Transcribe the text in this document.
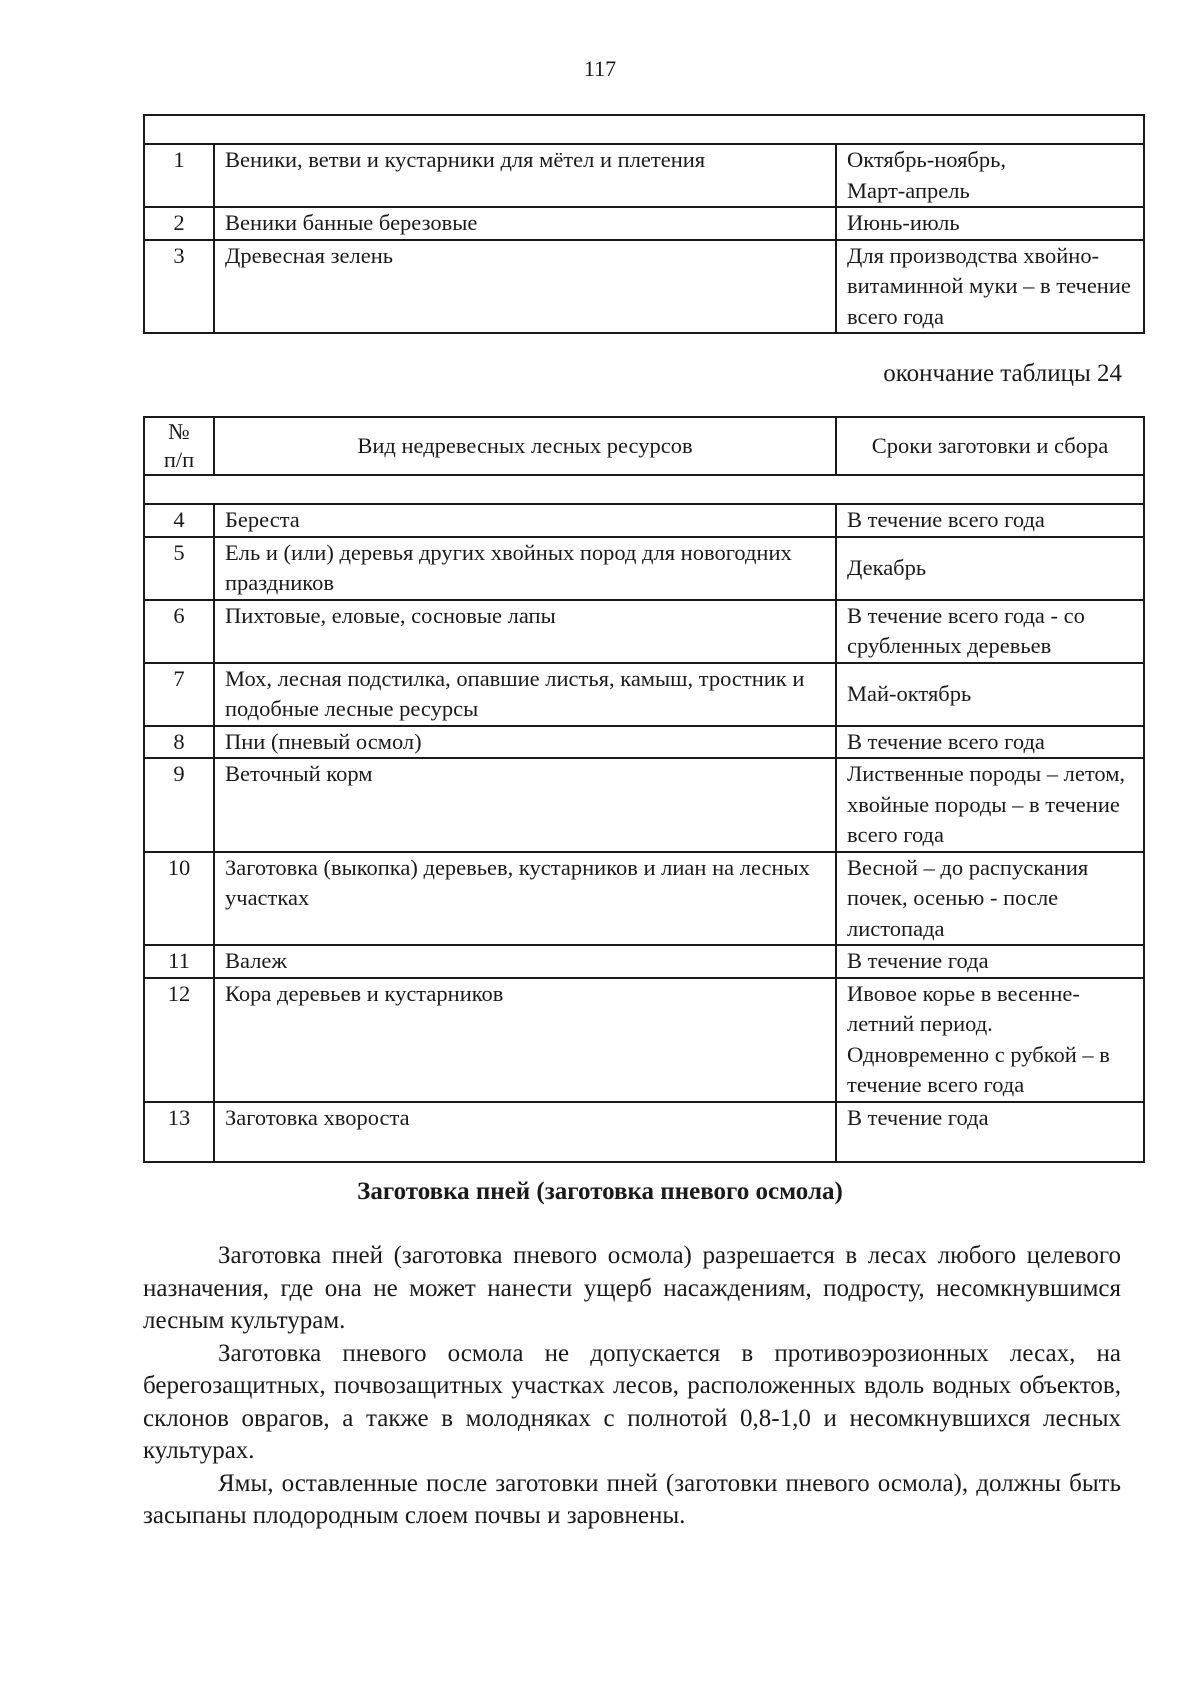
117

1	Веники, ветви и кустарники для мётел и плетения	Октябрь-ноябрь,
Март-апрель
2	Веники банные березовые	Июнь-июль
3	Древесная зелень	Для производства хвойно-витаминной муки – в течение всего года
окончание таблицы 24
№
п/п	Вид недревесных лесных ресурсов	Сроки заготовки и сбора

4	Береста	В течение всего года
5	Ель и (или) деревья других хвойных пород для новогодних праздников	Декабрь
6	Пихтовые, еловые, сосновые лапы	В течение всего года - со срубленных деревьев
7	Мох, лесная подстилка, опавшие листья, камыш, тростник и подобные лесные ресурсы	Май-октябрь
8	Пни (пневый осмол)	В течение всего года
9	Веточный корм	Лиственные породы – летом, хвойные породы – в течение всего года
10	Заготовка (выкопка) деревьев, кустарников и лиан на лесных участках	Весной – до распускания почек, осенью - после листопада
11	Валеж	В течение года
12	Кора деревьев и кустарников	Ивовое корье в весенне-летний период. Одновременно с рубкой – в течение всего года
13	Заготовка хвороста	В течение года
Заготовка пней (заготовка пневого осмола)

Заготовка пней (заготовка пневого осмола) разрешается в лесах любого целевого назначения, где она не может нанести ущерб насаждениям, подросту, несомкнувшимся лесным культурам.

Заготовка пневого осмола не допускается в противоэрозионных лесах, на берегозащитных, почвозащитных участках лесов, расположенных вдоль водных объектов, склонов оврагов, а также в молодняках с полнотой 0,8-1,0 и несомкнувшихся лесных культурах.

Ямы, оставленные после заготовки пней (заготовки пневого осмола), должны быть засыпаны плодородным слоем почвы и заровнены.
